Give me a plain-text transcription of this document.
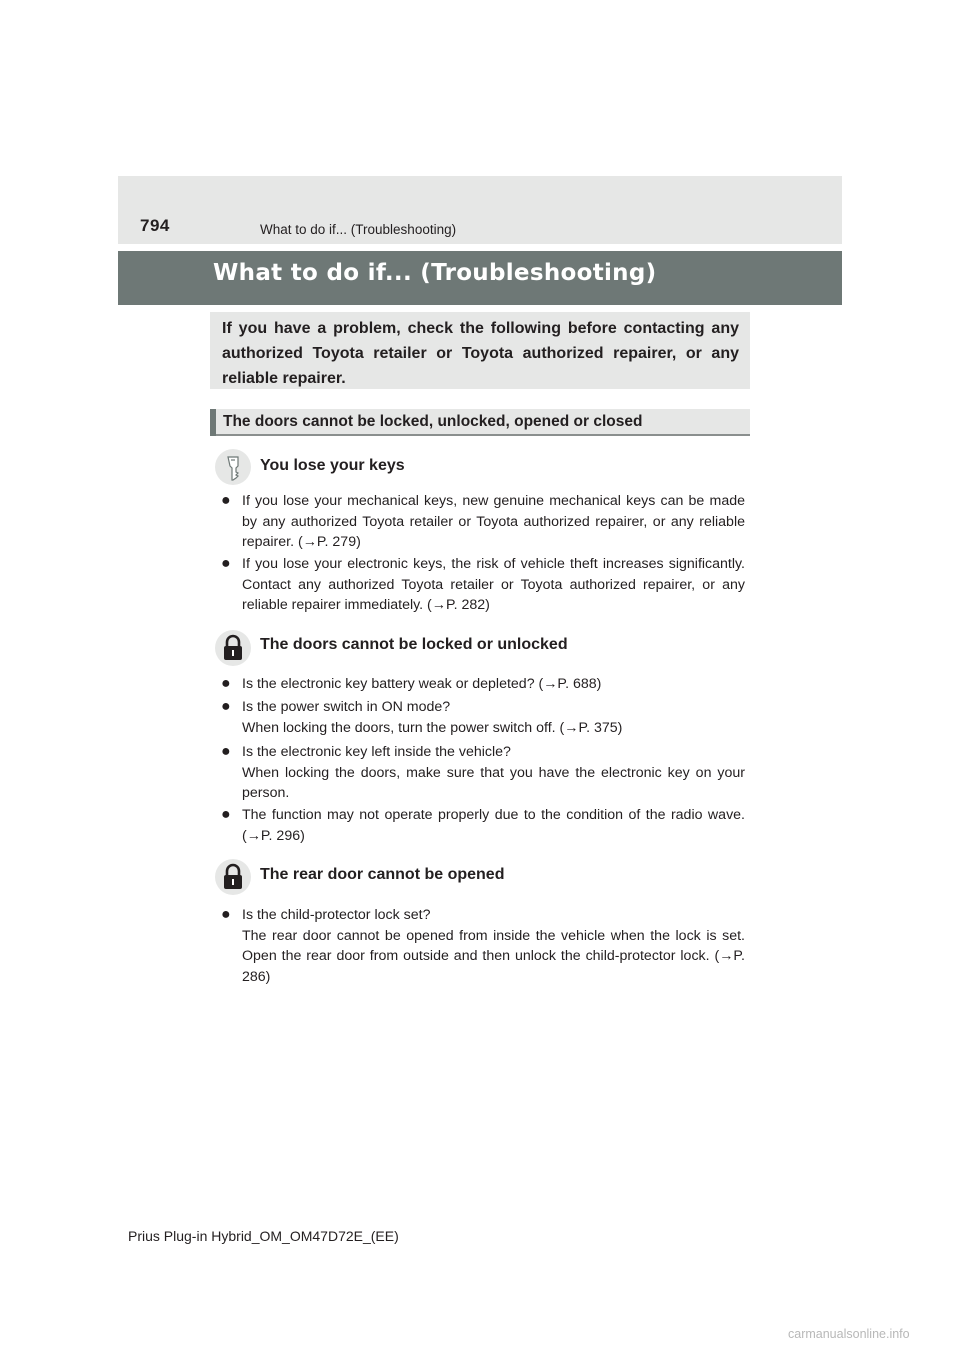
794	What to do if... (Troubleshooting)
What to do if... (Troubleshooting)
If you have a problem, check the following before contacting any authorized Toyota retailer or Toyota authorized repairer, or any reliable repairer.
The doors cannot be locked, unlocked, opened or closed
You lose your keys
● If you lose your mechanical keys, new genuine mechanical keys can be made by any authorized Toyota retailer or Toyota authorized repairer, or any reliable repairer. (→P. 279)
● If you lose your electronic keys, the risk of vehicle theft increases significantly. Contact any authorized Toyota retailer or Toyota authorized repairer, or any reliable repairer immediately. (→P. 282)
The doors cannot be locked or unlocked
● Is the electronic key battery weak or depleted? (→P. 688)
● Is the power switch in ON mode?
When locking the doors, turn the power switch off. (→P. 375)
● Is the electronic key left inside the vehicle?
When locking the doors, make sure that you have the electronic key on your person.
● The function may not operate properly due to the condition of the radio wave. (→P. 296)
The rear door cannot be opened
● Is the child-protector lock set?
The rear door cannot be opened from inside the vehicle when the lock is set. Open the rear door from outside and then unlock the child-protector lock. (→P. 286)
Prius Plug-in Hybrid_OM_OM47D72E_(EE)
carmanualsonline.info
